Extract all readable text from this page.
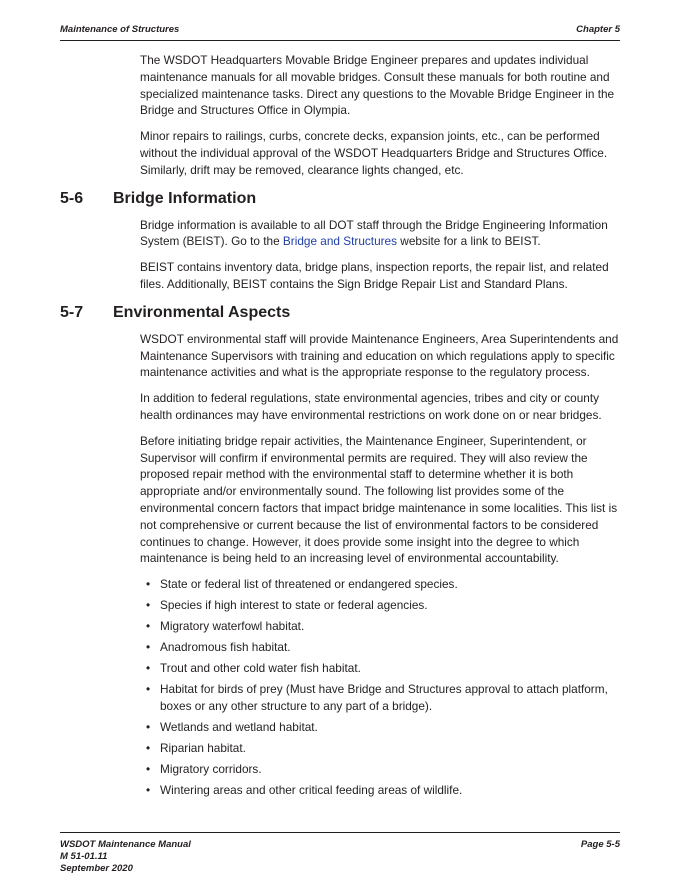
Maintenance of Structures	Chapter 5

The WSDOT Headquarters Movable Bridge Engineer prepares and updates individual maintenance manuals for all movable bridges. Consult these manuals for both routine and specialized maintenance tasks. Direct any questions to the Movable Bridge Engineer in the Bridge and Structures Office in Olympia.

Minor repairs to railings, curbs, concrete decks, expansion joints, etc., can be performed without the individual approval of the WSDOT Headquarters Bridge and Structures Office. Similarly, drift may be removed, clearance lights changed, etc.

5-6	Bridge Information

Bridge information is available to all DOT staff through the Bridge Engineering Information System (BEIST). Go to the Bridge and Structures website for a link to BEIST.

BEIST contains inventory data, bridge plans, inspection reports, the repair list, and related files. Additionally, BEIST contains the Sign Bridge Repair List and Standard Plans.

5-7	Environmental Aspects

WSDOT environmental staff will provide Maintenance Engineers, Area Superintendents and Maintenance Supervisors with training and education on which regulations apply to specific maintenance activities and what is the appropriate response to the regulatory process.

In addition to federal regulations, state environmental agencies, tribes and city or county health ordinances may have environmental restrictions on work done on or near bridges.

Before initiating bridge repair activities, the Maintenance Engineer, Superintendent, or Supervisor will confirm if environmental permits are required. They will also review the proposed repair method with the environmental staff to determine whether it is both appropriate and/or environmentally sound. The following list provides some of the environmental concern factors that impact bridge maintenance in some localities. This list is not comprehensive or current because the list of environmental factors to be considered continues to change. However, it does provide some insight into the degree to which maintenance is being held to an increasing level of environmental accountability.

• State or federal list of threatened or endangered species.
• Species if high interest to state or federal agencies.
• Migratory waterfowl habitat.
• Anadromous fish habitat.
• Trout and other cold water fish habitat.
• Habitat for birds of prey (Must have Bridge and Structures approval to attach platform, boxes or any other structure to any part of a bridge).
• Wetlands and wetland habitat.
• Riparian habitat.
• Migratory corridors.
• Wintering areas and other critical feeding areas of wildlife.
WSDOT Maintenance Manual
M 51-01.11
September 2020
Page 5-5
